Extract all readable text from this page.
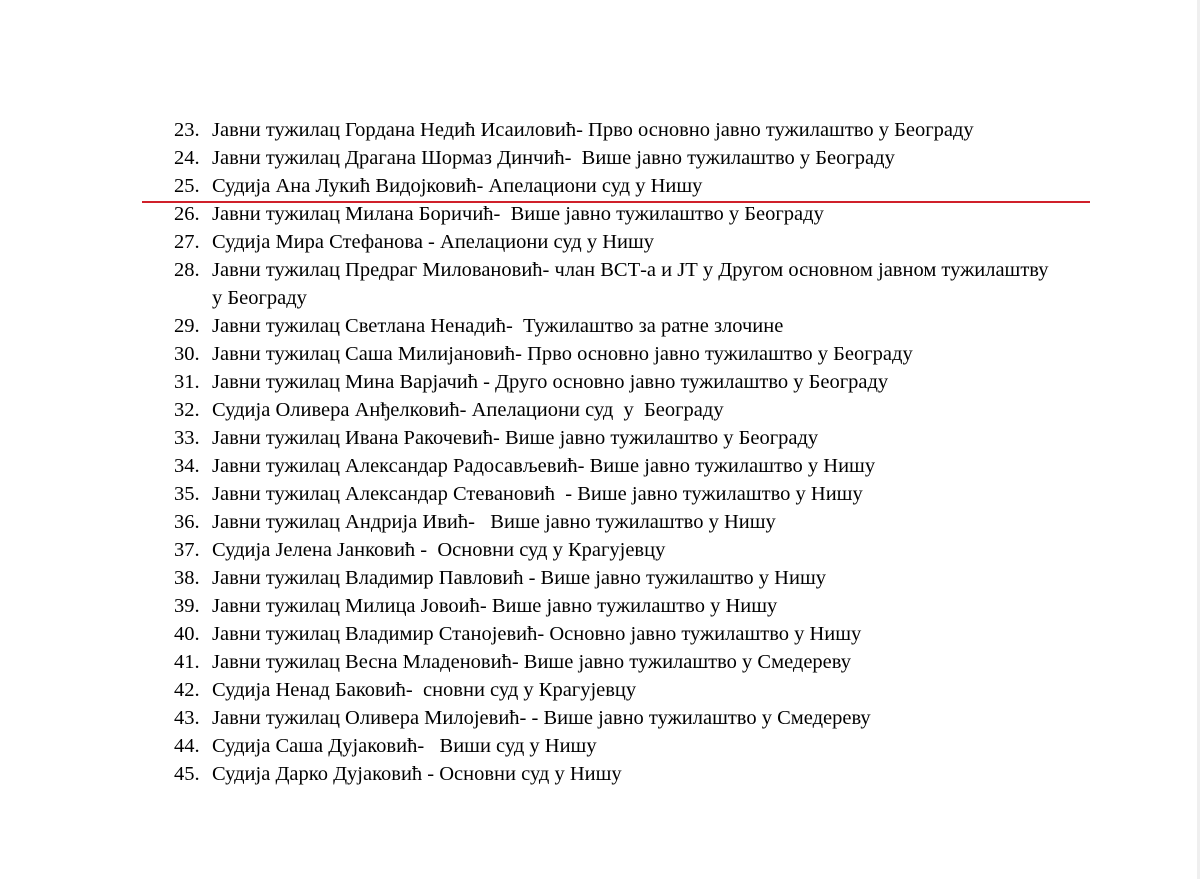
23. Јавни тужилац Гордана Недић Исаиловић- Прво основно јавно тужилаштво у Београду
24. Јавни тужилац Драгана Шормаз Динчић-  Више јавно тужилаштво у Београду
25. Судија Ана Лукић Видојковић- Апелациони суд у Нишу
26. Јавни тужилац Милана Боричић-  Више јавно тужилаштво у Београду
27. Судија Мира Стефанова - Апелациони суд у Нишу
28. Јавни тужилац Предраг Миловановић- члан ВСТ-а и ЈТ у Другом основном јавном тужилаштву у Београду
29. Јавни тужилац Светлана Ненадић-  Тужилаштво за ратне злочине
30. Јавни тужилац Саша Милијановић- Прво основно јавно тужилаштво у Београду
31. Јавни тужилац Мина Варјачић - Друго основно јавно тужилаштво у Београду
32. Судија Оливера Анђелковић- Апелациони суд  у  Београду
33. Јавни тужилац Ивана Ракочевић- Више јавно тужилаштво у Београду
34. Јавни тужилац Александар Радосављевић- Више јавно тужилаштво у Нишу
35. Јавни тужилац Александар Стевановић  - Више јавно тужилаштво у Нишу
36. Јавни тужилац Андрија Ивић-   Више јавно тужилаштво у Нишу
37. Судија Јелена Јанковић -  Основни суд у Крагујевцу
38. Јавни тужилац Владимир Павловић - Више јавно тужилаштво у Нишу
39. Јавни тужилац Милица Јовоић- Више јавно тужилаштво у Нишу
40. Јавни тужилац Владимир Станојевић- Основно јавно тужилаштво у Нишу
41. Јавни тужилац Весна Младеновић- Више јавно тужилаштво у Смедереву
42. Судија Ненад Баковић-  сновни суд у Крагујевцу
43. Јавни тужилац Оливера Милојевић- - Више јавно тужилаштво у Смедереву
44. Судија Саша Дујаковић-   Виши суд у Нишу
45. Судија Дарко Дујаковић - Основни суд у Нишу
